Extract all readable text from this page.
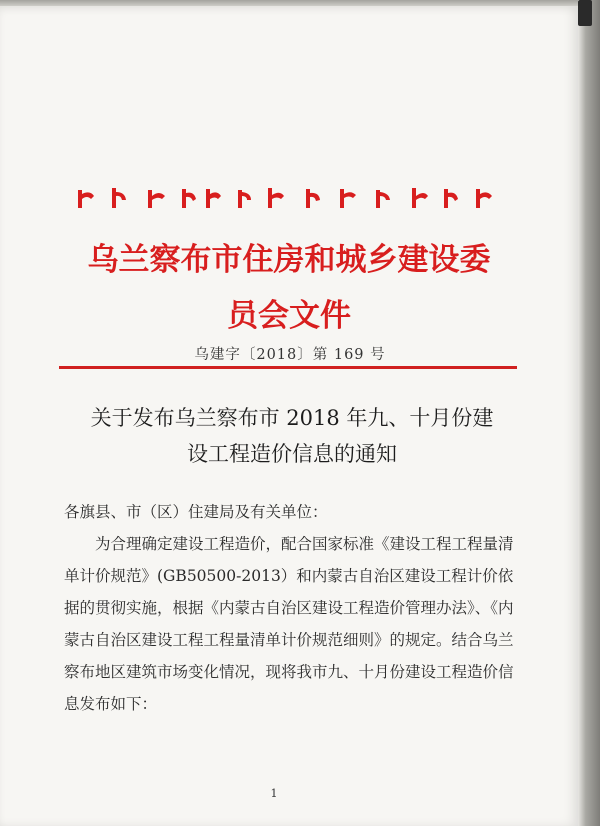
乌兰察布市住房和城乡建设委员会文件
乌建字〔2018〕第 169 号
关于发布乌兰察布市 2018 年九、十月份建
设工程造价信息的通知

各旗县、市（区）住建局及有关单位：

为合理确定建设工程造价，配合国家标准《建设工程工程量清单计价规范》(GB50500-2013）和内蒙古自治区建设工程计价依据的贯彻实施，根据《内蒙古自治区建设工程造价管理办法》、《内蒙古自治区建设工程工程量清单计价规范细则》的规定。结合乌兰察布地区建筑市场变化情况，现将我市九、十月份建设工程造价信息发布如下：

1
